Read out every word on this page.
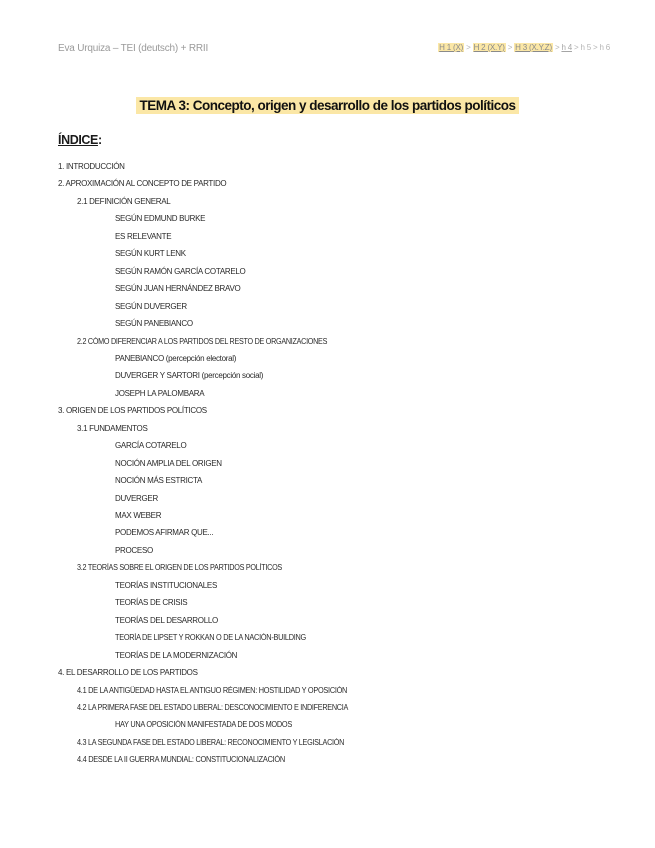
Eva Urquiza – TEI (deutsch) + RRII	H 1 (X) > H 2 (X.Y) > H 3 (X.Y.Z) > h 4 > h 5 > h 6
TEMA 3: Concepto, origen y desarrollo de los partidos políticos
ÍNDICE:
1. INTRODUCCIÓN
2. APROXIMACIÓN AL CONCEPTO DE PARTIDO
2.1 DEFINICIÓN GENERAL
SEGÚN EDMUND BURKE
ES RELEVANTE
SEGÚN KURT LENK
SEGÚN RAMÓN GARCÍA COTARELO
SEGÚN JUAN HERNÁNDEZ BRAVO
SEGÚN DUVERGER
SEGÚN PANEBIANCO
2.2 CÓMO DIFERENCIAR A LOS PARTIDOS DEL RESTO DE ORGANIZACIONES
PANEBIANCO (percepción electoral)
DUVERGER Y SARTORI (percepción social)
JOSEPH LA PALOMBARA
3. ORIGEN DE LOS PARTIDOS POLÍTICOS
3.1 FUNDAMENTOS
GARCÍA COTARELO
NOCIÓN AMPLIA DEL ORIGEN
NOCIÓN MÁS ESTRICTA
DUVERGER
MAX WEBER
PODEMOS AFIRMAR QUE...
PROCESO
3.2 TEORÍAS SOBRE EL ORIGEN DE LOS PARTIDOS POLÍTICOS
TEORÍAS INSTITUCIONALES
TEORÍAS DE CRISIS
TEORÍAS DEL DESARROLLO
TEORÍA DE LIPSET Y ROKKAN O DE LA NACIÓN-BUILDING
TEORÍAS DE LA MODERNIZACIÓN
4. EL DESARROLLO DE LOS PARTIDOS
4.1 DE LA ANTIGÜEDAD HASTA EL ANTIGUO RÉGIMEN: HOSTILIDAD Y OPOSICIÓN
4.2 LA PRIMERA FASE DEL ESTADO LIBERAL: DESCONOCIMIENTO E INDIFERENCIA
HAY UNA OPOSICIÓN MANIFESTADA DE DOS MODOS
4.3 LA SEGUNDA FASE DEL ESTADO LIBERAL: RECONOCIMIENTO Y LEGISLACIÓN
4.4 DESDE LA II GUERRA MUNDIAL: CONSTITUCIONALIZACIÓN
